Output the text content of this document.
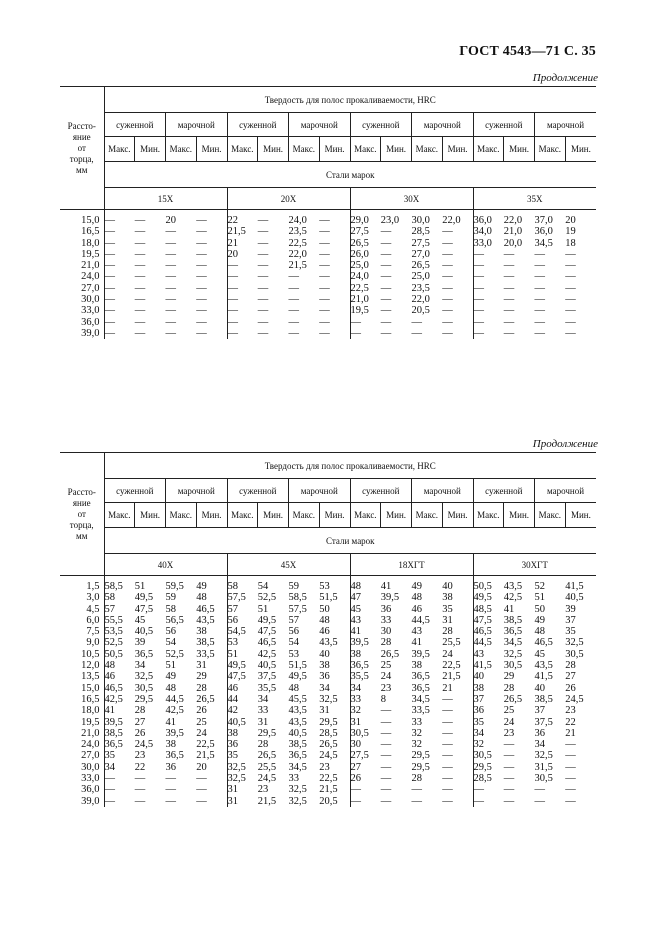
ГОСТ 4543—71 С. 35
Продолжение
Рассто-
яние
от
торца,
мм	Твердость для полос прокаливаемости, HRC															
	суженной		марочной		суженной		марочной		суженной		марочной		суженной		марочной	
	Макс.	Мин.	Макс.	Мин.	Макс.	Мин.	Макс.	Мин.	Макс.	Мин.	Макс.	Мин.	Макс.	Мин.	Макс.	Мин.
	Стали марок															
	15Х				20Х				30Х				35Х			

15,0	—	—	20	—	22	—	24,0	—	29,0	23,0	30,0	22,0	36,0	22,0	37,0	20
16,5	—	—	—	—	21,5	—	23,5	—	27,5	—	28,5	—	34,0	21,0	36,0	19
18,0	—	—	—	—	21	—	22,5	—	26,5	—	27,5	—	33,0	20,0	34,5	18
19,5	—	—	—	—	20	—	22,0	—	26,0	—	27,0	—	—	—	—	—
21,0	—	—	—	—	—	—	21,5	—	25,0	—	26,5	—	—	—	—	—
24,0	—	—	—	—	—	—	—	—	24,0	—	25,0	—	—	—	—	—
27,0	—	—	—	—	—	—	—	—	22,5	—	23,5	—	—	—	—	—
30,0	—	—	—	—	—	—	—	—	21,0	—	22,0	—	—	—	—	—
33,0	—	—	—	—	—	—	—	—	19,5	—	20,5	—	—	—	—	—
36,0	—	—	—	—	—	—	—	—	—	—	—	—	—	—	—	—
39,0	—	—	—	—	—	—	—	—	—	—	—	—	—	—	—	—
Продолжение
Рассто-
яние
от
торца,
мм	Твердость для полос прокаливаемости, HRC															
	суженной		марочной		суженной		марочной		суженной		марочной		суженной		марочной	
	Макс.	Мин.	Макс.	Мин.	Макс.	Мин.	Макс.	Мин.	Макс.	Мин.	Макс.	Мин.	Макс.	Мин.	Макс.	Мин.
	Стали марок															
	40Х				45Х				18ХГТ				30ХГТ			

1,5	58,5	51	59,5	49	58	54	59	53	48	41	49	40	50,5	43,5	52	41,5
3,0	58	49,5	59	48	57,5	52,5	58,5	51,5	47	39,5	48	38	49,5	42,5	51	40,5
4,5	57	47,5	58	46,5	57	51	57,5	50	45	36	46	35	48,5	41	50	39
6,0	55,5	45	56,5	43,5	56	49,5	57	48	43	33	44,5	31	47,5	38,5	49	37
7,5	53,5	40,5	56	38	54,5	47,5	56	46	41	30	43	28	46,5	36,5	48	35
9,0	52,5	39	54	38,5	53	46,5	54	43,5	39,5	28	41	25,5	44,5	34,5	46,5	32,5
10,5	50,5	36,5	52,5	33,5	51	42,5	53	40	38	26,5	39,5	24	43	32,5	45	30,5
12,0	48	34	51	31	49,5	40,5	51,5	38	36,5	25	38	22,5	41,5	30,5	43,5	28
13,5	46	32,5	49	29	47,5	37,5	49,5	36	35,5	24	36,5	21,5	40	29	41,5	27
15,0	46,5	30,5	48	28	46	35,5	48	34	34	23	36,5	21	38	28	40	26
16,5	42,5	29,5	44,5	26,5	44	34	45,5	32,5	33	8	34,5	—	37	26,5	38,5	24,5
18,0	41	28	42,5	26	42	33	43,5	31	32	—	33,5	—	36	25	37	23
19,5	39,5	27	41	25	40,5	31	43,5	29,5	31	—	33	—	35	24	37,5	22
21,0	38,5	26	39,5	24	38	29,5	40,5	28,5	30,5	—	32	—	34	23	36	21
24,0	36,5	24,5	38	22,5	36	28	38,5	26,5	30	—	32	—	32	—	34	—
27,0	35	23	36,5	21,5	35	26,5	36,5	24,5	27,5	—	29,5	—	30,5	—	32,5	—
30,0	34	22	36	20	32,5	25,5	34,5	23	27	—	29,5	—	29,5	—	31,5	—
33,0	—	—	—	—	32,5	24,5	33	22,5	26	—	28	—	28,5	—	30,5	—
36,0	—	—	—	—	31	23	32,5	21,5	—	—	—	—	—	—	—	—
39,0	—	—	—	—	31	21,5	32,5	20,5	—	—	—	—	—	—	—	—
